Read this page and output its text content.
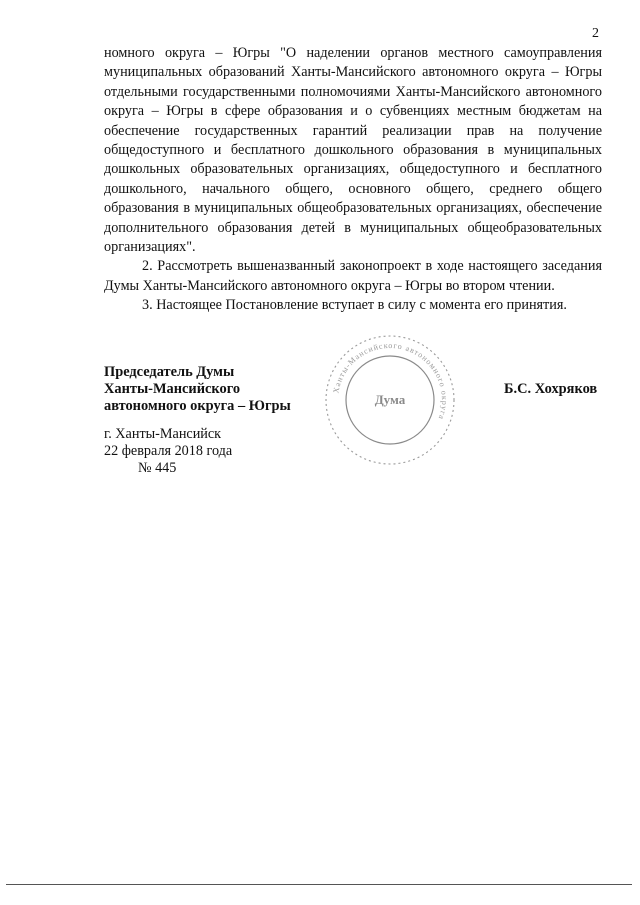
2

номного округа – Югры "О наделении органов местного самоуправления муниципальных образований Ханты-Мансийского автономного округа – Югры отдельными государственными полномочиями Ханты-Мансийского автономного округа – Югры в сфере образования и о субвенциях местным бюджетам на обеспечение государственных гарантий реализации прав на получение общедоступного и бесплатного дошкольного образования в муниципальных дошкольных образовательных организациях, общедоступного и бесплатного дошкольного, начального общего, основного общего, среднего общего образования в муниципальных общеобразовательных организациях, обеспечение дополнительного образования детей в муниципальных общеобразовательных организациях".

2. Рассмотреть вышеназванный законопроект в ходе настоящего заседания Думы Ханты-Мансийского автономного округа – Югры во втором чтении.

3. Настоящее Постановление вступает в силу с момента его принятия.

Председатель Думы
Ханты-Мансийского
автономного округа – Югры
Б.С. Хохряков
Ханты-Мансийского автономного округа
Дума
г. Ханты-Мансийск
22 февраля 2018 года
№ 445
